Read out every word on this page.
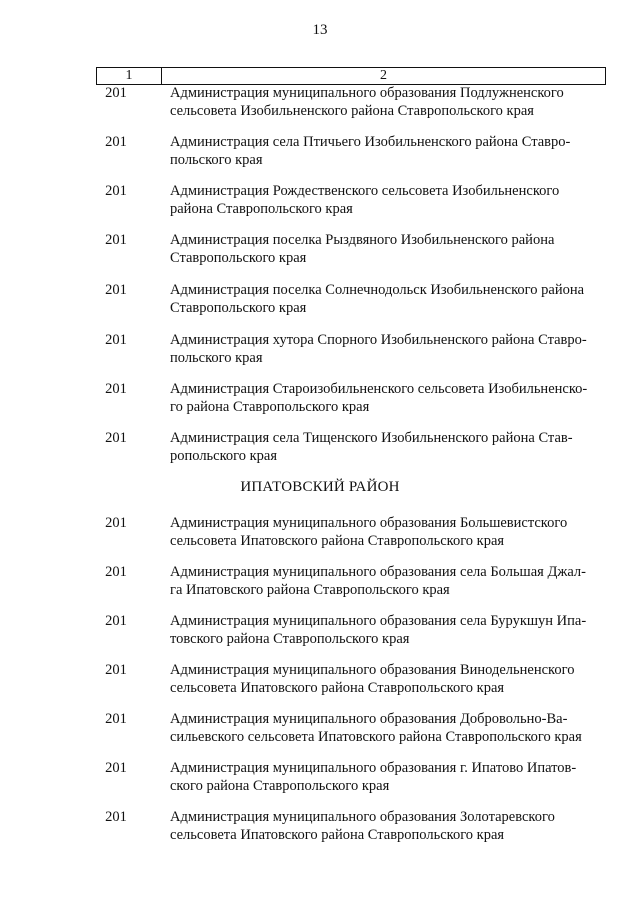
13
1	2
201	Администрация муниципального образования Подлужненского
сельсовета Изобильненского района Ставропольского края
201	Администрация села Птичьего Изобильненского района Ставро-
польского края
201	Администрация Рождественского сельсовета Изобильненского
района Ставропольского края
201	Администрация поселка Рыздвяного Изобильненского района
Ставропольского края
201	Администрация поселка Солнечнодольск Изобильненского района
Ставропольского края
201	Администрация хутора Спорного Изобильненского района Ставро-
польского края
201	Администрация Староизобильненского сельсовета Изобильненско-
го района Ставропольского края
201	Администрация села Тищенского Изобильненского района Став-
ропольского края
ИПАТОВСКИЙ РАЙОН
201	Администрация муниципального образования Большевистского
сельсовета Ипатовского района Ставропольского края
201	Администрация муниципального образования села Большая Джал-
га Ипатовского района Ставропольского края
201	Администрация муниципального образования села Бурукшун Ипа-
товского района Ставропольского края
201	Администрация муниципального образования Винодельненского
сельсовета Ипатовского района Ставропольского края
201	Администрация муниципального образования Добровольно-Ва-
сильевского сельсовета Ипатовского района Ставропольского края
201	Администрация муниципального образования г. Ипатово Ипатов-
ского района Ставропольского края
201	Администрация муниципального образования Золотаревского
сельсовета Ипатовского района Ставропольского края
